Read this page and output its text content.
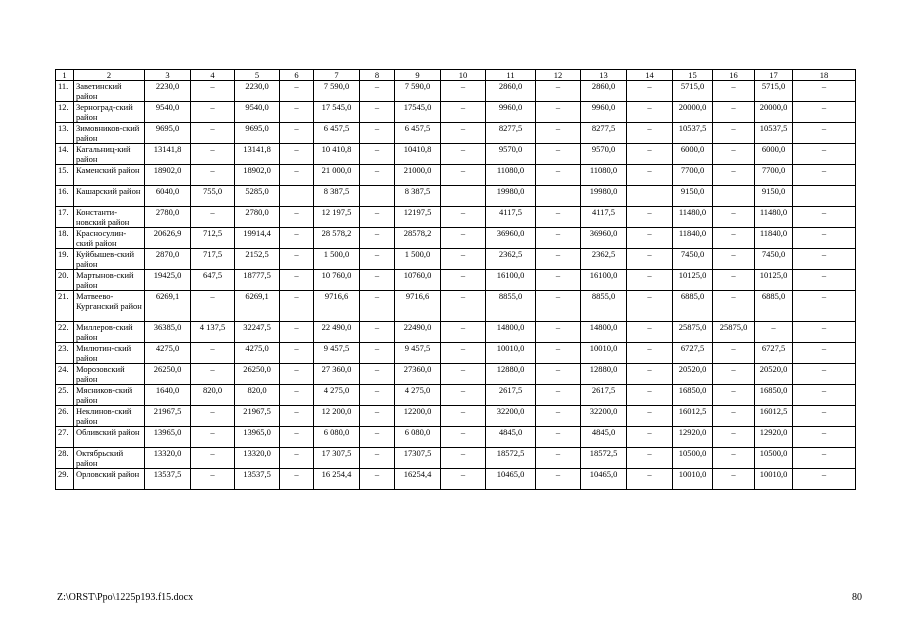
1	2	3	4	5	6	7	8	9	10	11	12	13	14	15	16	17	18
11.	Заветинский район	2230,0	–	2230,0	–	7 590,0	–	7 590,0	–	2860,0	–	2860,0	–	5715,0	–	5715,0	–
12.	Зерноград-ский район	9540,0	–	9540,0	–	17 545,0	–	17545,0	–	9960,0	–	9960,0	–	20000,0	–	20000,0	–
13.	Зимовников-ский район	9695,0	–	9695,0	–	6 457,5	–	6 457,5	–	8277,5	–	8277,5	–	10537,5	–	10537,5	–
14.	Кагальниц-кий район	13141,8	–	13141,8	–	10 410,8	–	10410,8	–	9570,0	–	9570,0	–	6000,0	–	6000,0	–
15.	Каменский район	18902,0	–	18902,0	–	21 000,0	–	21000,0	–	11080,0	–	11080,0	–	7700,0	–	7700,0	–
16.	Кашарский район	6040,0	755,0	5285,0		8 387,5		8 387,5		19980,0		19980,0		9150,0		9150,0	
17.	Константи-новский район	2780,0	–	2780,0	–	12 197,5	–	12197,5	–	4117,5	–	4117,5	–	11480,0	–	11480,0	–
18.	Красносулин-ский район	20626,9	712,5	19914,4	–	28 578,2	–	28578,2	–	36960,0	–	36960,0	–	11840,0	–	11840,0	–
19.	Куйбышев-ский район	2870,0	717,5	2152,5	–	1 500,0	–	1 500,0	–	2362,5	–	2362,5	–	7450,0	–	7450,0	–
20.	Мартынов-ский район	19425,0	647,5	18777,5	–	10 760,0	–	10760,0	–	16100,0	–	16100,0	–	10125,0	–	10125,0	–
21.	Матвеево-Курганский район	6269,1	–	6269,1	–	9716,6	–	9716,6	–	8855,0	–	8855,0	–	6885,0	–	6885,0	–
22.	Миллеров-ский район	36385,0	4 137,5	32247,5	–	22 490,0	–	22490,0	–	14800,0	–	14800,0	–	25875,0	25875,0	–	–
23.	Милютин-ский район	4275,0	–	4275,0	–	9 457,5	–	9 457,5	–	10010,0	–	10010,0	–	6727,5	–	6727,5	–
24.	Морозовский район	26250,0	–	26250,0	–	27 360,0	–	27360,0	–	12880,0	–	12880,0	–	20520,0	–	20520,0	–
25.	Мясников-ский район	1640,0	820,0	820,0	–	4 275,0	–	4 275,0	–	2617,5	–	2617,5	–	16850,0	–	16850,0	–
26.	Неклинов-ский район	21967,5	–	21967,5	–	12 200,0	–	12200,0	–	32200,0	–	32200,0	–	16012,5	–	16012,5	–
27.	Обливский район	13965,0	–	13965,0	–	6 080,0	–	6 080,0	–	4845,0	–	4845,0	–	12920,0	–	12920,0	–
28.	Октябрьский район	13320,0	–	13320,0	–	17 307,5	–	17307,5	–	18572,5	–	18572,5	–	10500,0	–	10500,0	–
29.	Орловский район	13537,5	–	13537,5	–	16 254,4	–	16254,4	–	10465,0	–	10465,0	–	10010,0	–	10010,0	–
Z:\ORST\Ppo\1225p193.f15.docx	80
